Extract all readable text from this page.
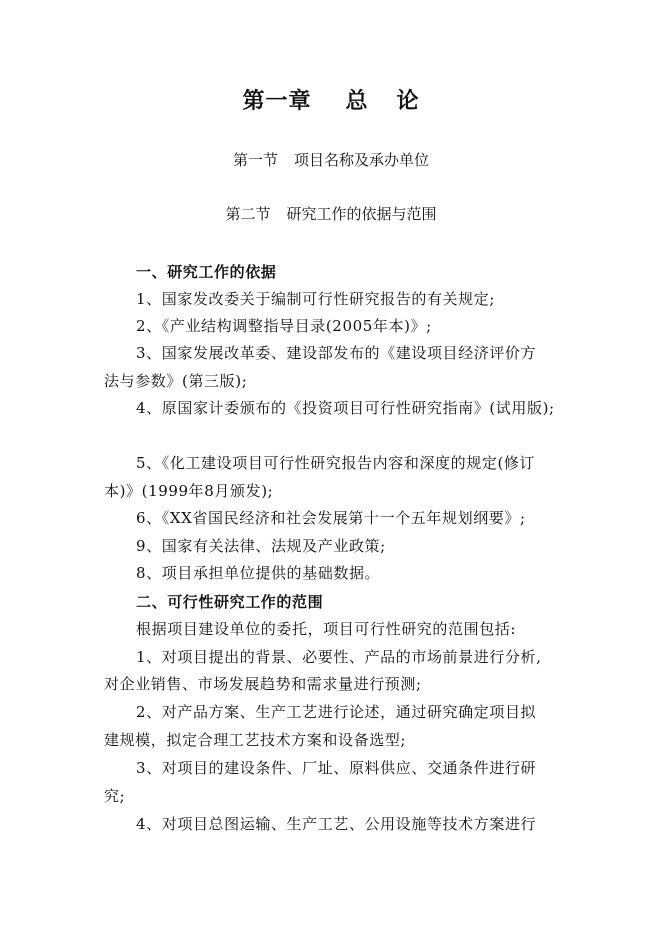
第一章 总 论
第一节 项目名称及承办单位
第二节 研究工作的依据与范围
一、研究工作的依据
1、国家发改委关于编制可行性研究报告的有关规定;
2、《产业结构调整指导目录(2005年本)》;
3、国家发展改革委、建设部发布的《建设项目经济评价方
法与参数》(第三版);
4、原国家计委颁布的《投资项目可行性研究指南》(试用版);
5、《化工建设项目可行性研究报告内容和深度的规定(修订
本)》(1999年8月颁发);
6、《XX省国民经济和社会发展第十一个五年规划纲要》;
9、国家有关法律、法规及产业政策;
8、项目承担单位提供的基础数据。
二、可行性研究工作的范围
根据项目建设单位的委托，项目可行性研究的范围包括:
1、对项目提出的背景、必要性、产品的市场前景进行分析,
对企业销售、市场发展趋势和需求量进行预测;
2、对产品方案、生产工艺进行论述，通过研究确定项目拟
建规模，拟定合理工艺技术方案和设备选型;
3、对项目的建设条件、厂址、原料供应、交通条件进行研
究;
4、对项目总图运输、生产工艺、公用设施等技术方案进行
